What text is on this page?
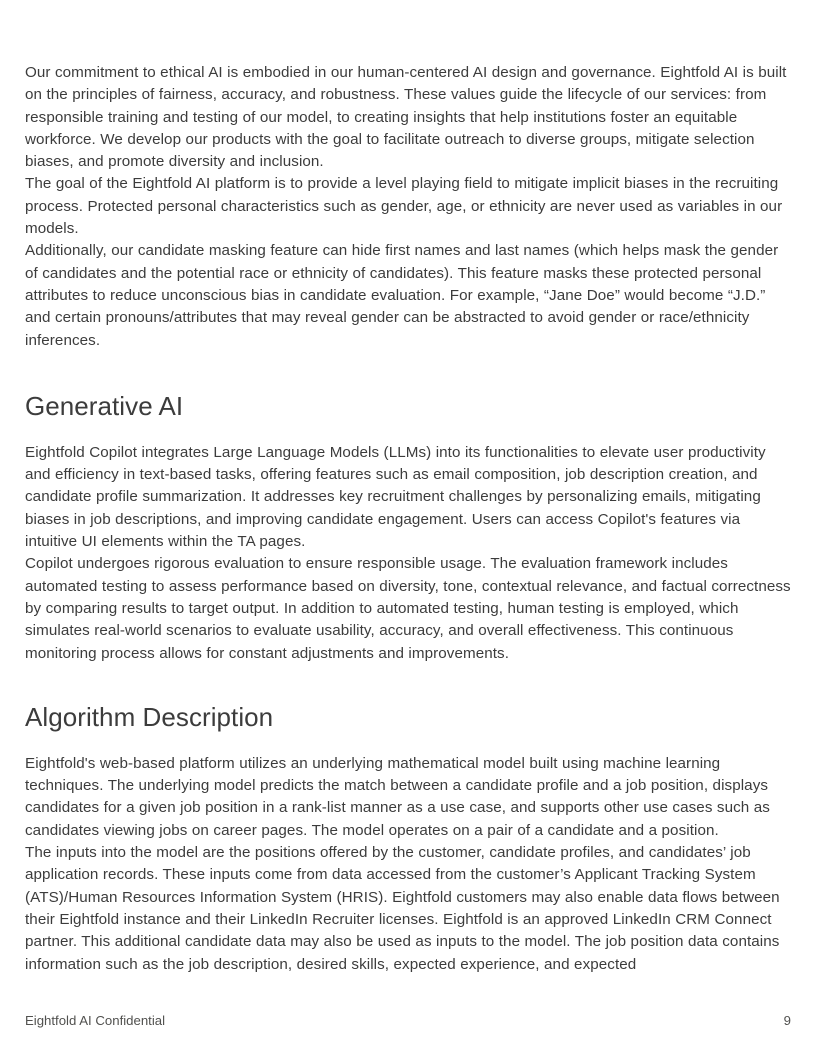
Our commitment to ethical AI is embodied in our human-centered AI design and governance. Eightfold AI is built on the principles of fairness, accuracy, and robustness. These values guide the lifecycle of our services: from responsible training and testing of our model, to creating insights that help institutions foster an equitable workforce. We develop our products with the goal to facilitate outreach to diverse groups, mitigate selection biases, and promote diversity and inclusion.

The goal of the Eightfold AI platform is to provide a level playing field to mitigate implicit biases in the recruiting process. Protected personal characteristics such as gender, age, or ethnicity are never used as variables in our models.

Additionally, our candidate masking feature can hide first names and last names (which helps mask the gender of candidates and the potential race or ethnicity of candidates). This feature masks these protected personal attributes to reduce unconscious bias in candidate evaluation. For example, “Jane Doe” would become “J.D.” and certain pronouns/attributes that may reveal gender can be abstracted to avoid gender or race/ethnicity inferences.

Generative AI

Eightfold Copilot integrates Large Language Models (LLMs) into its functionalities to elevate user productivity and efficiency in text-based tasks, offering features such as email composition, job description creation, and candidate profile summarization. It addresses key recruitment challenges by personalizing emails, mitigating biases in job descriptions, and improving candidate engagement. Users can access Copilot's features via intuitive UI elements within the TA pages.

Copilot undergoes rigorous evaluation to ensure responsible usage. The evaluation framework includes automated testing to assess performance based on diversity, tone, contextual relevance, and factual correctness by comparing results to target output. In addition to automated testing, human testing is employed, which simulates real-world scenarios to evaluate usability, accuracy, and overall effectiveness. This continuous monitoring process allows for constant adjustments and improvements.

Algorithm Description

Eightfold's web-based platform utilizes an underlying mathematical model built using machine learning techniques. The underlying model predicts the match between a candidate profile and a job position, displays candidates for a given job position in a rank-list manner as a use case, and supports other use cases such as candidates viewing jobs on career pages. The model operates on a pair of a candidate and a position.

The inputs into the model are the positions offered by the customer, candidate profiles, and candidates’ job application records. These inputs come from data accessed from the customer’s Applicant Tracking System (ATS)/Human Resources Information System (HRIS). Eightfold customers may also enable data flows between their Eightfold instance and their LinkedIn Recruiter licenses. Eightfold is an approved LinkedIn CRM Connect partner. This additional candidate data may also be used as inputs to the model. The job position data contains information such as the job description, desired skills, expected experience, and expected

Eightfold AI Confidential	9
